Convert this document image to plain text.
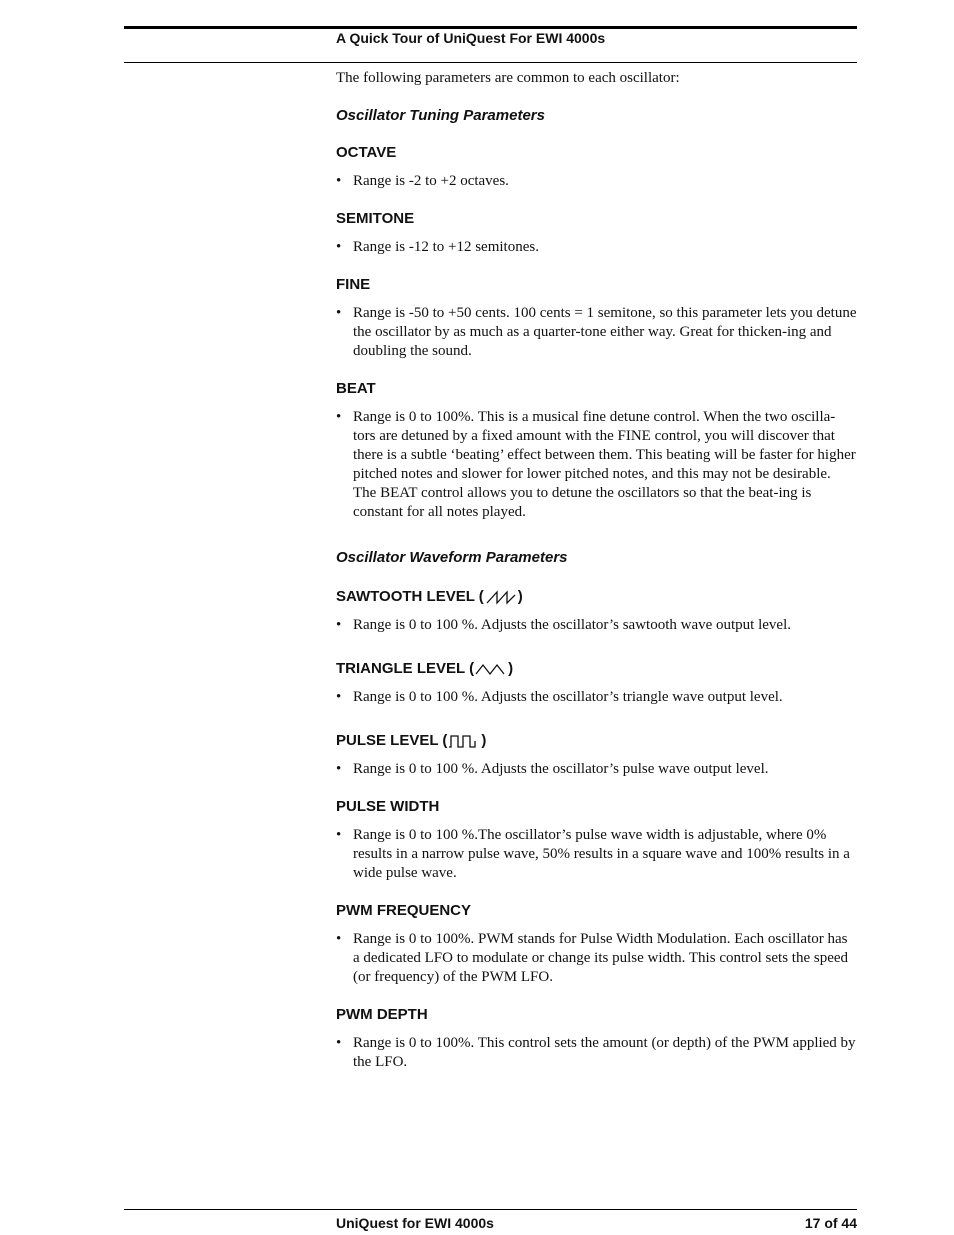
A Quick Tour of UniQuest For EWI 4000s

The following parameters are common to each oscillator:

Oscillator Tuning Parameters
OCTAVE
• Range is -2 to +2 octaves.
SEMITONE
• Range is -12 to +12 semitones.
FINE
• Range is -50 to +50 cents. 100 cents = 1 semitone, so this parameter lets you detune the oscillator by as much as a quarter-tone either way. Great for thicken-ing and doubling the sound.
BEAT
• Range is 0 to 100%. This is a musical fine detune control. When the two oscilla-tors are detuned by a fixed amount with the FINE control, you will discover that there is a subtle ‘beating’ effect between them. This beating will be faster for higher pitched notes and slower for lower pitched notes, and this may not be desirable. The BEAT control allows you to detune the oscillators so that the beat-ing is constant for all notes played.
Oscillator Waveform Parameters
SAWTOOTH LEVEL ( )
• Range is 0 to 100 %. Adjusts the oscillator’s sawtooth wave output level.
TRIANGLE LEVEL ( )
• Range is 0 to 100 %. Adjusts the oscillator’s triangle wave output level.
PULSE LEVEL ( )
• Range is 0 to 100 %. Adjusts the oscillator’s pulse wave output level.
PULSE WIDTH
• Range is 0 to 100 %.The oscillator’s pulse wave width is adjustable, where 0% results in a narrow pulse wave, 50% results in a square wave and 100% results in a wide pulse wave.
PWM FREQUENCY
• Range is 0 to 100%. PWM stands for Pulse Width Modulation. Each oscillator has a dedicated LFO to modulate or change its pulse width. This control sets the speed (or frequency) of the PWM LFO.
PWM DEPTH
• Range is 0 to 100%. This control sets the amount (or depth) of the PWM applied by the LFO.
UniQuest for EWI 4000s	17 of 44
